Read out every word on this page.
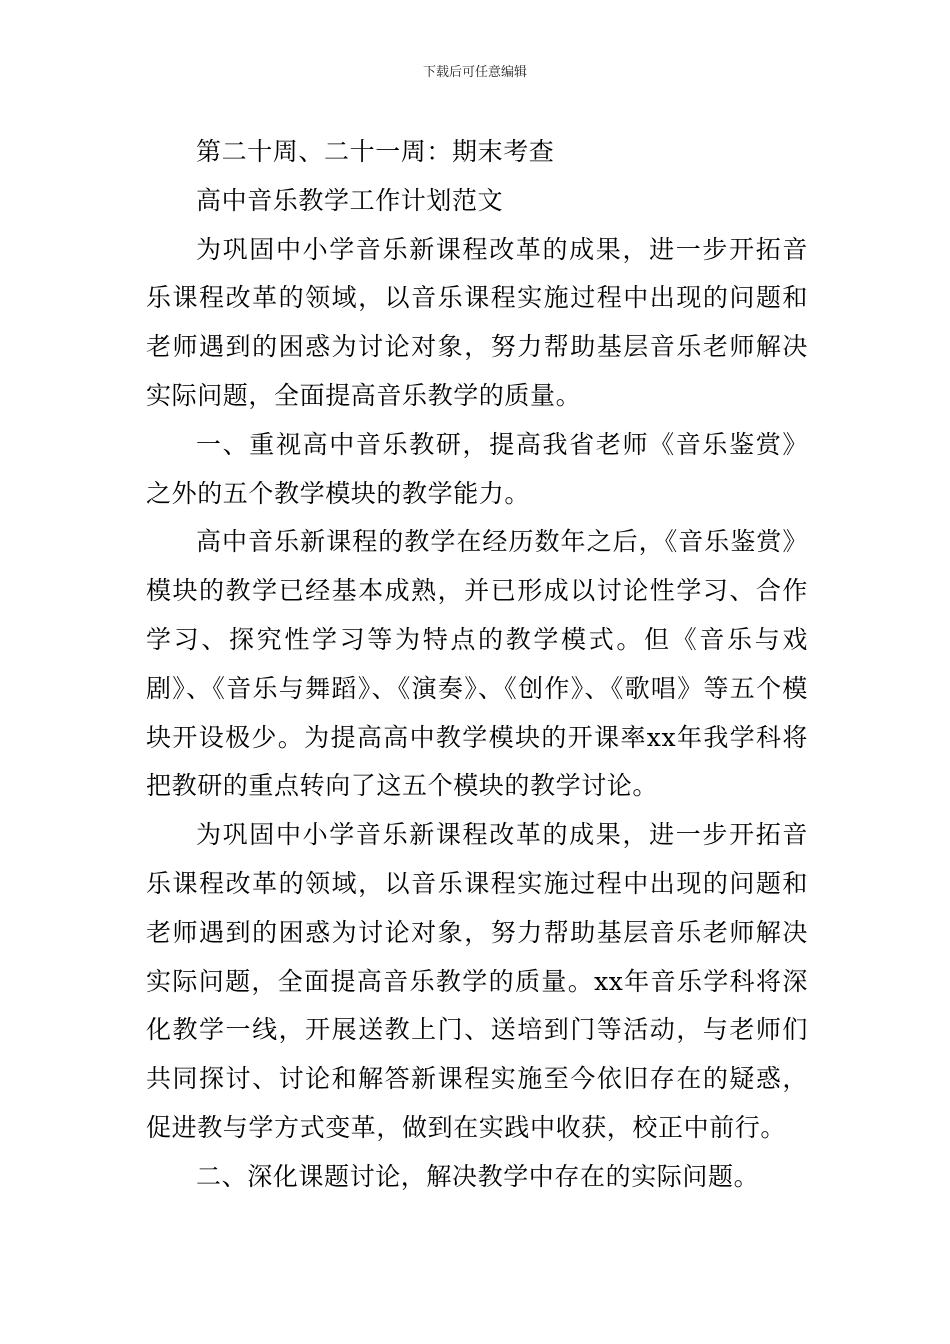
下载后可任意编辑

第二十周、二十一周：期末考查

高中音乐教学工作计划范文

为巩固中小学音乐新课程改革的成果，进一步开拓音乐课程改革的领域，以音乐课程实施过程中出现的问题和老师遇到的困惑为讨论对象，努力帮助基层音乐老师解决实际问题，全面提高音乐教学的质量。

一、重视高中音乐教研，提高我省老师《音乐鉴赏》之外的五个教学模块的教学能力。

高中音乐新课程的教学在经历数年之后，《音乐鉴赏》模块的教学已经基本成熟，并已形成以讨论性学习、合作学习、探究性学习等为特点的教学模式。但《音乐与戏剧》、《音乐与舞蹈》、《演奏》、《创作》、《歌唱》等五个模块开设极少。为提高高中教学模块的开课率xx年我学科将把教研的重点转向了这五个模块的教学讨论。

为巩固中小学音乐新课程改革的成果，进一步开拓音乐课程改革的领域，以音乐课程实施过程中出现的问题和老师遇到的困惑为讨论对象，努力帮助基层音乐老师解决实际问题，全面提高音乐教学的质量。xx年音乐学科将深化教学一线，开展送教上门、送培到门等活动，与老师们共同探讨、讨论和解答新课程实施至今依旧存在的疑惑，促进教与学方式变革，做到在实践中收获，校正中前行。

二、深化课题讨论，解决教学中存在的实际问题。
